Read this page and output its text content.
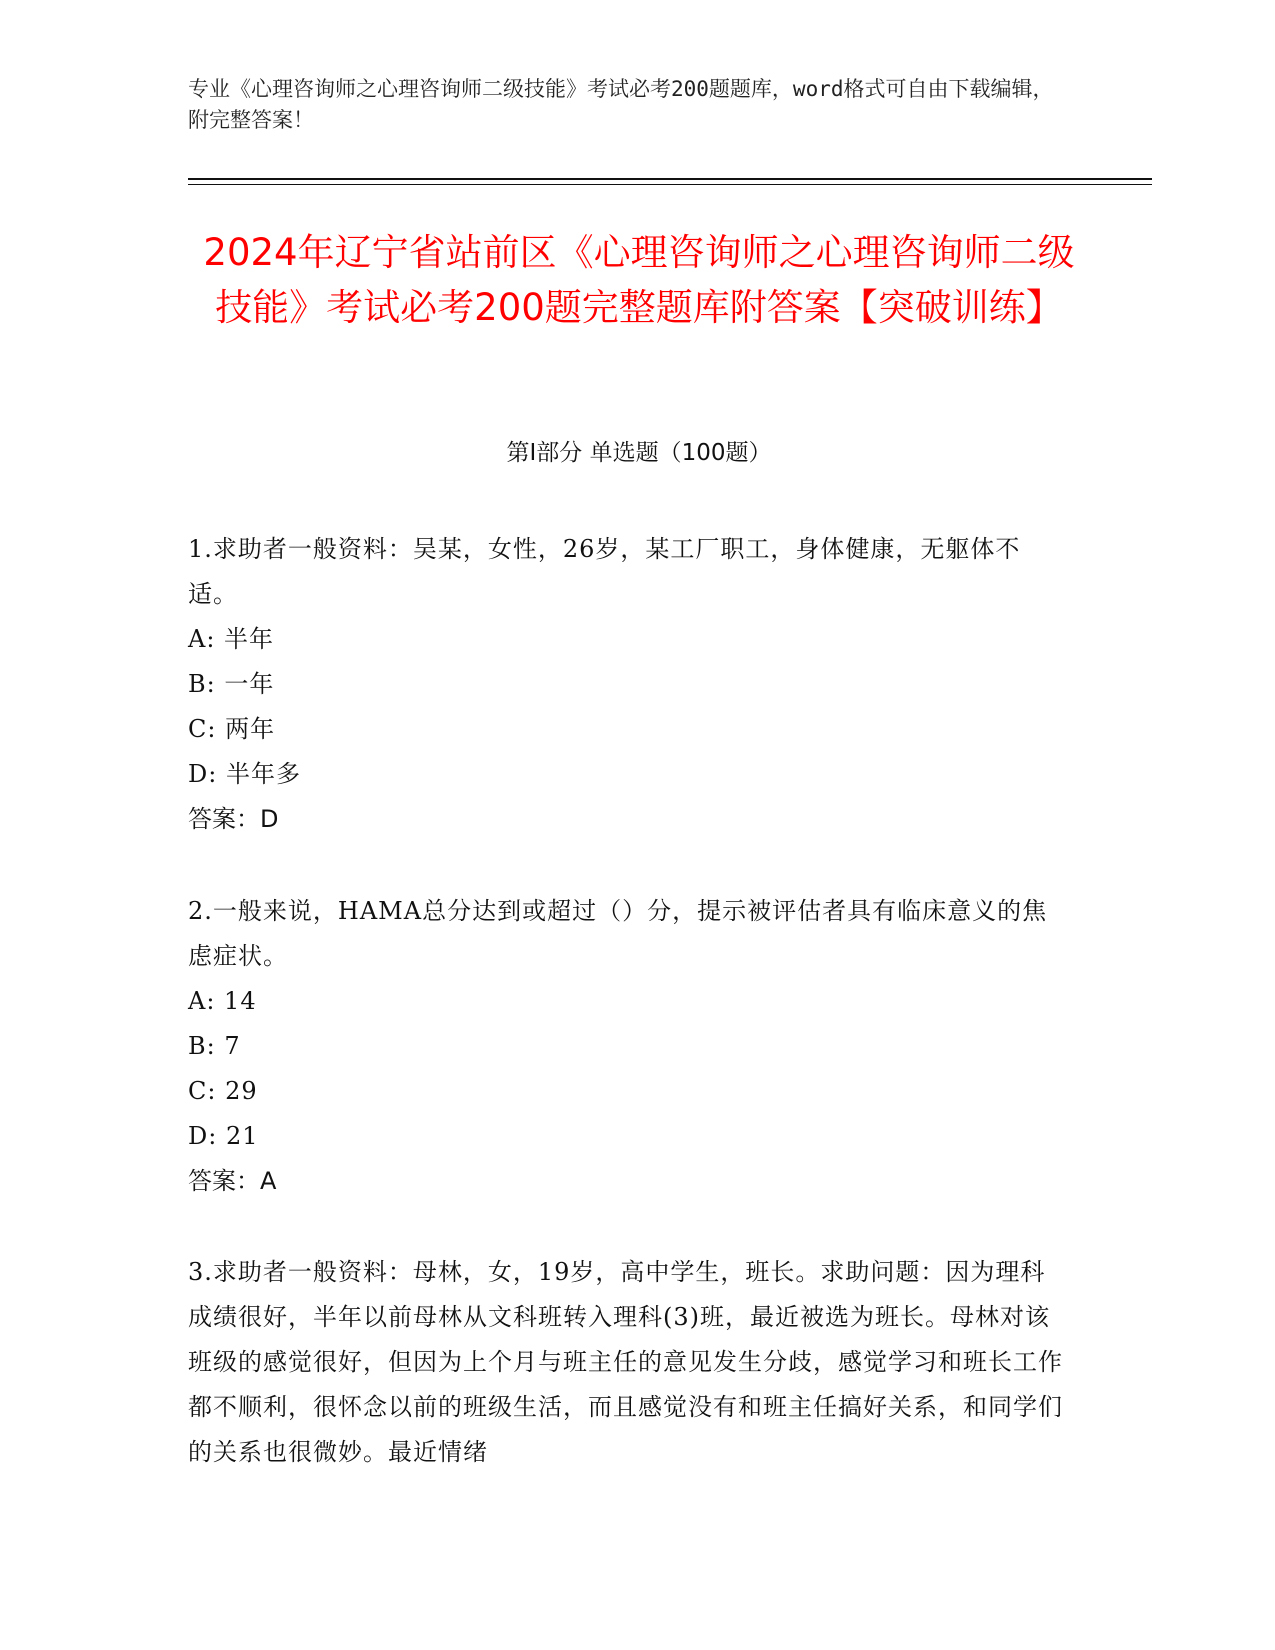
专业《心理咨询师之心理咨询师二级技能》考试必考200题题库，word格式可自由下载编辑，附完整答案！
2024年辽宁省站前区《心理咨询师之心理咨询师二级技能》考试必考200题完整题库附答案【突破训练】
第I部分 单选题（100题）

1.求助者一般资料：吴某，女性，26岁，某工厂职工，身体健康，无躯体不适。

A: 半年

B: 一年

C: 两年

D: 半年多

答案：D

2.一般来说，HAMA总分达到或超过（）分，提示被评估者具有临床意义的焦虑症状。

A: 14

B: 7

C: 29

D: 21

答案：A

3.求助者一般资料：母林，女，19岁，高中学生，班长。求助问题：因为理科成绩很好，半年以前母林从文科班转入理科(3)班，最近被选为班长。母林对该班级的感觉很好，但因为上个月与班主任的意见发生分歧，感觉学习和班长工作都不顺利，很怀念以前的班级生活，而且感觉没有和班主任搞好关系，和同学们的关系也很微妙。最近情绪
